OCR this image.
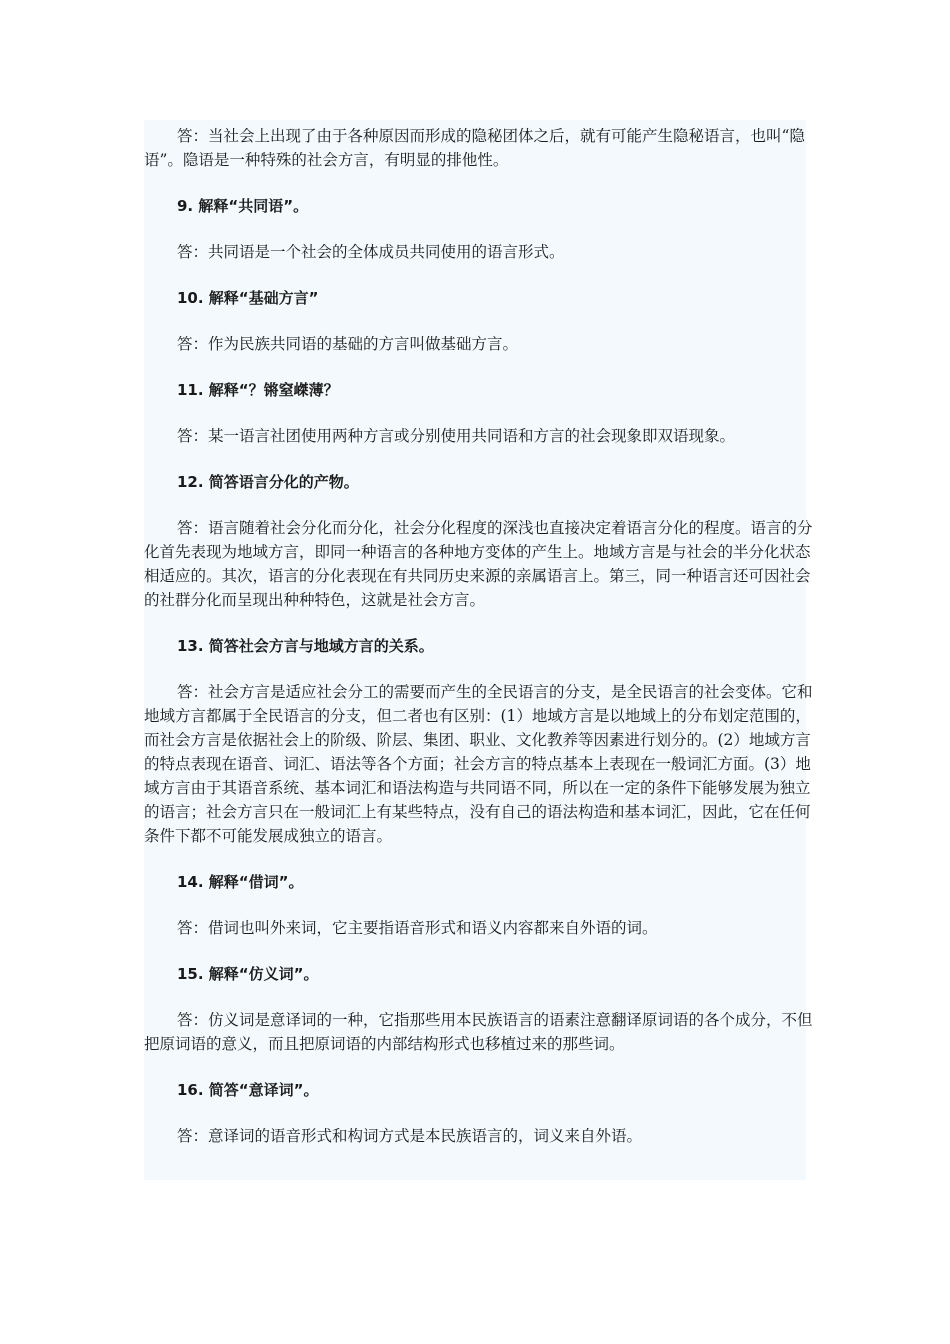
答：当社会上出现了由于各种原因而形成的隐秘团体之后，就有可能产生隐秘语言，也叫“隐语”。隐语是一种特殊的社会方言，有明显的排他性。

9. 解释“共同语”。

答：共同语是一个社会的全体成员共同使用的语言形式。

10. 解释“基础方言”

答：作为民族共同语的基础的方言叫做基础方言。

11. 解释“？锵窒嵥薄？

答：某一语言社团使用两种方言或分别使用共同语和方言的社会现象即双语现象。

12. 简答语言分化的产物。

答：语言随着社会分化而分化，社会分化程度的深浅也直接决定着语言分化的程度。语言的分化首先表现为地域方言，即同一种语言的各种地方变体的产生上。地域方言是与社会的半分化状态相适应的。其次，语言的分化表现在有共同历史来源的亲属语言上。第三，同一种语言还可因社会的社群分化而呈现出种种特色，这就是社会方言。

13. 简答社会方言与地域方言的关系。

答：社会方言是适应社会分工的需要而产生的全民语言的分支，是全民语言的社会变体。它和地域方言都属于全民语言的分支，但二者也有区别：(1）地域方言是以地域上的分布划定范围的，而社会方言是依据社会上的阶级、阶层、集团、职业、文化教养等因素进行划分的。(2）地域方言的特点表现在语音、词汇、语法等各个方面；社会方言的特点基本上表现在一般词汇方面。(3）地域方言由于其语音系统、基本词汇和语法构造与共同语不同，所以在一定的条件下能够发展为独立的语言；社会方言只在一般词汇上有某些特点，没有自己的语法构造和基本词汇，因此，它在任何条件下都不可能发展成独立的语言。

14. 解释“借词”。

答：借词也叫外来词，它主要指语音形式和语义内容都来自外语的词。

15. 解释“仿义词”。

答：仿义词是意译词的一种，它指那些用本民族语言的语素注意翻译原词语的各个成分，不但把原词语的意义，而且把原词语的内部结构形式也移植过来的那些词。

16. 简答“意译词”。

答：意译词的语音形式和构词方式是本民族语言的，词义来自外语。
